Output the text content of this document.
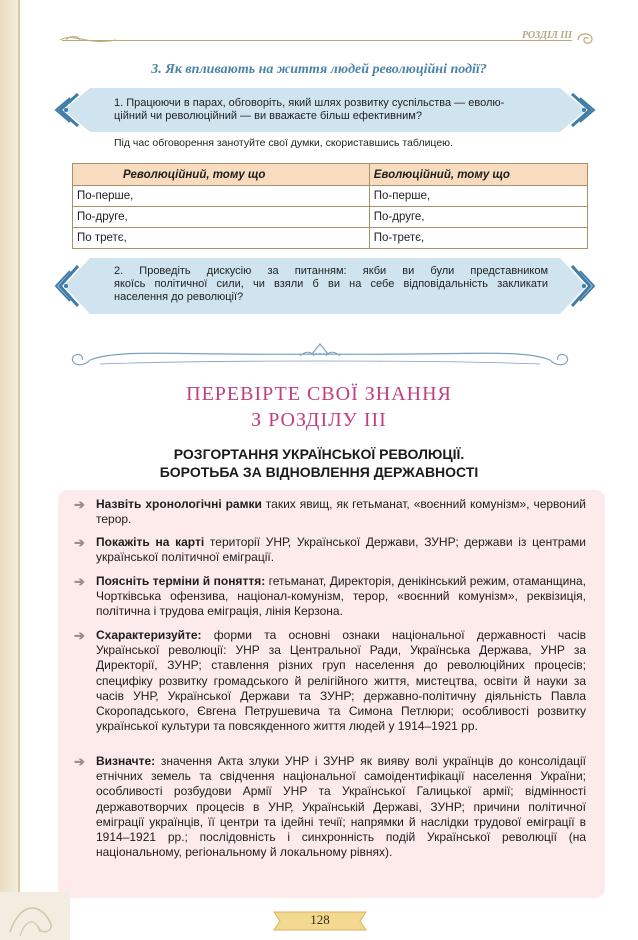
РОЗДІЛ ІІІ
3. Як впливають на життя людей революційні події?
1. Працюючи в парах, обговоріть, який шлях розвитку суспільства — еволю-
ційний чи революційний — ви вважаєте більш ефективним?
Під час обговорення занотуйте свої думки, скориставшись таблицею.
Революційний, тому що	Еволюційний, тому що
По-перше,	По-перше,
По-друге,	По-друге,
По третє,	По-третє,
2. Проведіть дискусію за питанням: якби ви були представником
якоїсь політичної сили, чи взяли б ви на себе відповідальність закликати
населення до революції?
ПЕРЕВІРТЕ СВОЇ ЗНАННЯ
З РОЗДІЛУ ІІІ
РОЗГОРТАННЯ УКРАЇНСЬКОЇ РЕВОЛЮЦІЇ.
БОРОТЬБА ЗА ВІДНОВЛЕННЯ ДЕРЖАВНОСТІ
➔ Назвіть хронологічні рамки таких явищ, як гетьманат, «воєнний комунізм», червоний терор.
➔ Покажіть на карті території УНР, Української Держави, ЗУНР; держави із центрами української політичної еміграції.
➔ Поясніть терміни й поняття: гетьманат, Директорія, денікінський режим, отаманщина, Чортківська офензива, націонал-комунізм, терор, «воєнний комунізм», реквізиція, політична і трудова еміграція, лінія Керзона.
➔ Схарактеризуйте: форми та основні ознаки національної державності часів Української революції: УНР за Центральної Ради, Українська Держава, УНР за Директорії, ЗУНР; ставлення різних груп населення до революційних процесів; специфіку розвитку громадського й релігійного життя, мистецтва, освіти й науки за часів УНР, Української Держави та ЗУНР; державно-політичну діяльність Павла Скоропадського, Євгена Петрушевича та Симона Петлюри; особливості розвитку української культури та повсякденного життя людей у 1914–1921 рр.
➔ Визначте: значення Акта злуки УНР і ЗУНР як вияву волі українців до консолідації етнічних земель та свідчення національної самоідентифікації населення України; особливості розбудови Армії УНР та Української Галицької армії; відмінності державотворчих процесів в УНР, Українській Державі, ЗУНР; причини політичної еміграції українців, її центри та ідейні течії; напрямки й наслідки трудової еміграції в 1914–1921 рр.; послідовність і синхронність подій Української революції (на національному, регіональному й локальному рівнях).
128
